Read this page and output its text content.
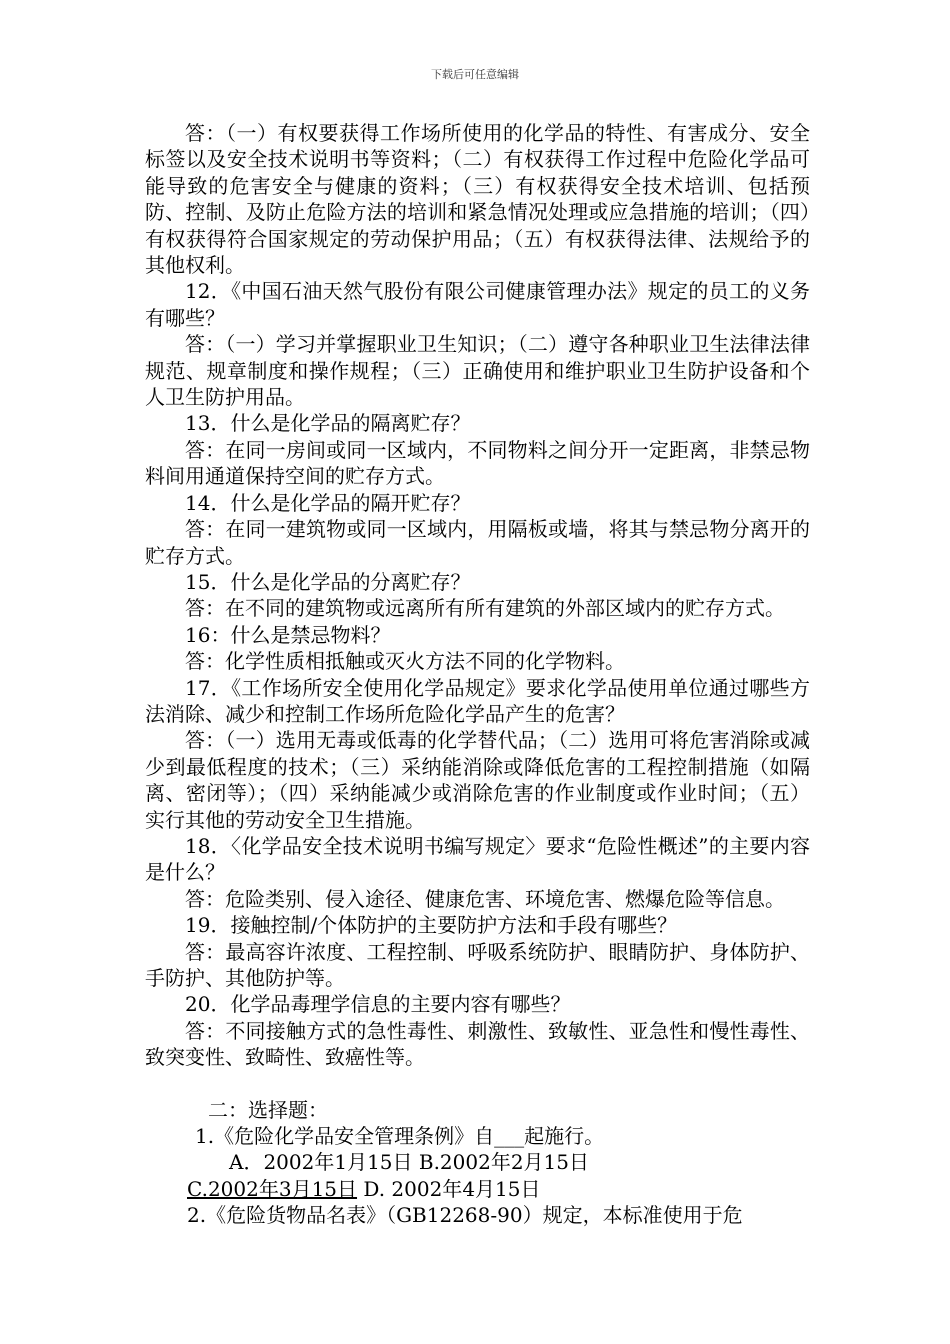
下载后可任意编辑

答：（一）有权要获得工作场所使用的化学品的特性、有害成分、安全标签以及安全技术说明书等资料；（二）有权获得工作过程中危险化学品可能导致的危害安全与健康的资料；（三）有权获得安全技术培训、包括预防、控制、及防止危险方法的培训和紧急情况处理或应急措施的培训；（四）有权获得符合国家规定的劳动保护用品；（五）有权获得法律、法规给予的其他权利。

12．《中国石油天然气股份有限公司健康管理办法》规定的员工的义务有哪些？

答：（一）学习并掌握职业卫生知识；（二）遵守各种职业卫生法律法律规范、规章制度和操作规程；（三）正确使用和维护职业卫生防护设备和个人卫生防护用品。

13．什么是化学品的隔离贮存？

答：在同一房间或同一区域内，不同物料之间分开一定距离，非禁忌物料间用通道保持空间的贮存方式。

14．什么是化学品的隔开贮存？

答：在同一建筑物或同一区域内，用隔板或墙，将其与禁忌物分离开的贮存方式。

15．什么是化学品的分离贮存？

答：在不同的建筑物或远离所有所有建筑的外部区域内的贮存方式。

16：什么是禁忌物料？

答：化学性质相抵触或灭火方法不同的化学物料。

17．《工作场所安全使用化学品规定》要求化学品使用单位通过哪些方法消除、减少和控制工作场所危险化学品产生的危害？

答：（一）选用无毒或低毒的化学替代品；（二）选用可将危害消除或减少到最低程度的技术；（三）采纳能消除或降低危害的工程控制措施（如隔离、密闭等）；（四）采纳能减少或消除危害的作业制度或作业时间；（五）实行其他的劳动安全卫生措施。

18．〈化学品安全技术说明书编写规定〉要求“危险性概述”的主要内容是什么？

答：危险类别、侵入途径、健康危害、环境危害、燃爆危险等信息。

19．接触控制/个体防护的主要防护方法和手段有哪些？

答：最高容许浓度、工程控制、呼吸系统防护、眼睛防护、身体防护、手防护、其他防护等。

20．化学品毒理学信息的主要内容有哪些？

答：不同接触方式的急性毒性、刺激性、致敏性、亚急性和慢性毒性、致突变性、致畸性、致癌性等。

二：选择题：

1.《危险化学品安全管理条例》自___起施行。

A．2002年1月15日 B.2002年2月15日

C.2002年3月15日 D. 2002年4月15日

2.《危险货物品名表》（GB12268-90）规定，本标准使用于危
